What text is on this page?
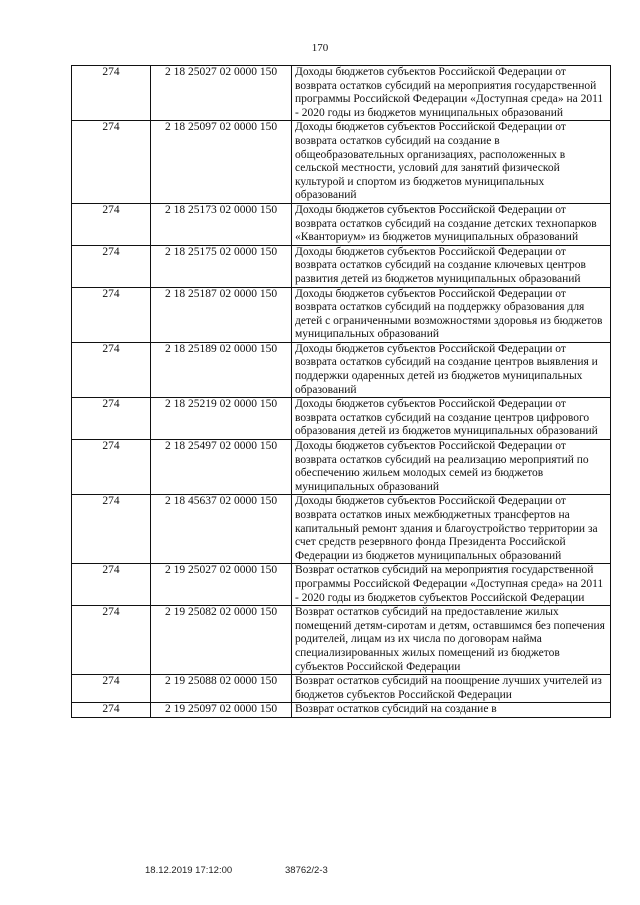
170
274	2 18 25027 02 0000 150	Доходы бюджетов субъектов Российской Федерации от возврата остатков субсидий на мероприятия государственной программы Российской Федерации «Доступная среда» на 2011 - 2020 годы из бюджетов муниципальных образований
274	2 18 25097 02 0000 150	Доходы бюджетов субъектов Российской Федерации от возврата остатков субсидий на создание в общеобразовательных организациях, расположенных в сельской местности, условий для занятий физической культурой и спортом из бюджетов муниципальных образований
274	2 18 25173 02 0000 150	Доходы бюджетов субъектов Российской Федерации от возврата остатков субсидий на создание детских технопарков «Кванториум» из бюджетов муниципальных образований
274	2 18 25175 02 0000 150	Доходы бюджетов субъектов Российской Федерации от возврата остатков субсидий на создание ключевых центров развития детей из бюджетов муниципальных образований
274	2 18 25187 02 0000 150	Доходы бюджетов субъектов Российской Федерации от возврата остатков субсидий на поддержку образования для детей с ограниченными возможностями здоровья из бюджетов муниципальных образований
274	2 18 25189 02 0000 150	Доходы бюджетов субъектов Российской Федерации от возврата остатков субсидий на создание центров выявления и поддержки одаренных детей из бюджетов муниципальных образований
274	2 18 25219 02 0000 150	Доходы бюджетов субъектов Российской Федерации от возврата остатков субсидий на создание центров цифрового образования детей из бюджетов муниципальных образований
274	2 18 25497 02 0000 150	Доходы бюджетов субъектов Российской Федерации от возврата остатков субсидий на реализацию мероприятий по обеспечению жильем молодых семей из бюджетов муниципальных образований
274	2 18 45637 02 0000 150	Доходы бюджетов субъектов Российской Федерации от возврата остатков иных межбюджетных трансфертов на капитальный ремонт здания и благоустройство территории за счет средств резервного фонда Президента Российской Федерации из бюджетов муниципальных образований
274	2 19 25027 02 0000 150	Возврат остатков субсидий на мероприятия государственной программы Российской Федерации «Доступная среда» на 2011 - 2020 годы из бюджетов субъектов Российской Федерации
274	2 19 25082 02 0000 150	Возврат остатков субсидий на предоставление жилых помещений детям-сиротам и детям, оставшимся без попечения родителей, лицам из их числа по договорам найма специализированных жилых помещений из бюджетов субъектов Российской Федерации
274	2 19 25088 02 0000 150	Возврат остатков субсидий на поощрение лучших учителей из бюджетов субъектов Российской Федерации
274	2 19 25097 02 0000 150	Возврат остатков субсидий на создание в
18.12.2019 17:12:00	38762/2-3
